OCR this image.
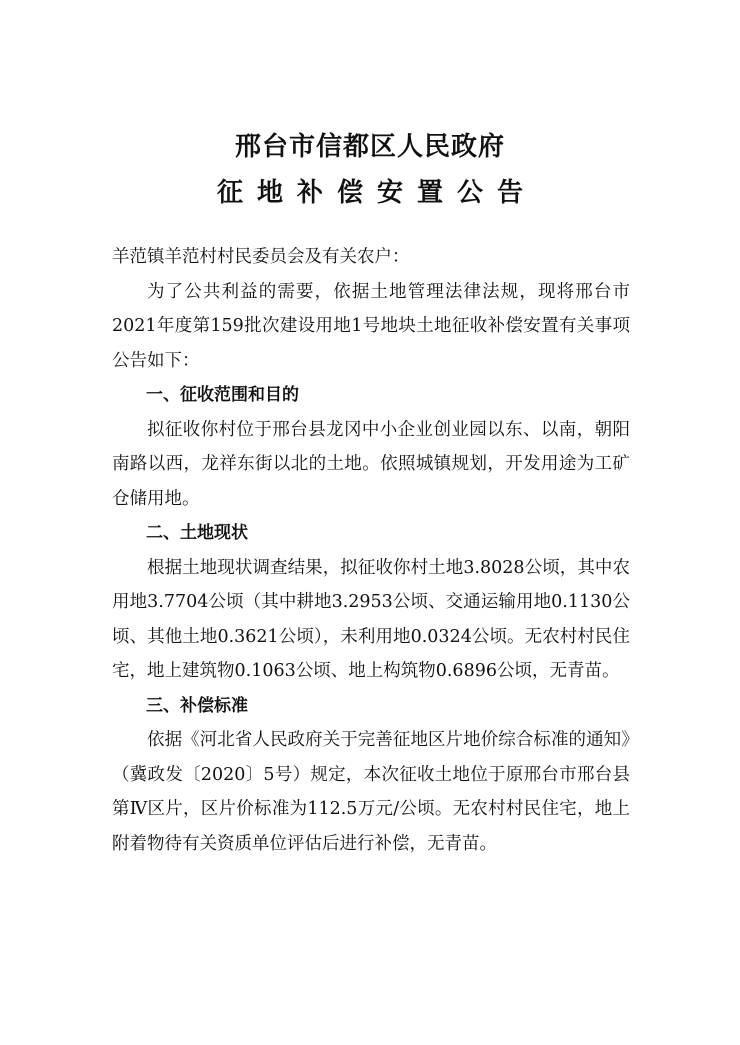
邢台市信都区人民政府
征地补偿安置公告

羊范镇羊范村村民委员会及有关农户：

为了公共利益的需要，依据土地管理法律法规，现将邢台市2021年度第159批次建设用地1号地块土地征收补偿安置有关事项公告如下：

一、征收范围和目的

拟征收你村位于邢台县龙冈中小企业创业园以东、以南，朝阳南路以西，龙祥东街以北的土地。依照城镇规划，开发用途为工矿仓储用地。

二、土地现状

根据土地现状调查结果，拟征收你村土地3.8028公顷，其中农用地3.7704公顷（其中耕地3.2953公顷、交通运输用地0.1130公顷、其他土地0.3621公顷），未利用地0.0324公顷。无农村村民住宅，地上建筑物0.1063公顷、地上构筑物0.6896公顷，无青苗。

三、补偿标准

依据《河北省人民政府关于完善征地区片地价综合标准的通知》（冀政发〔2020〕5号）规定，本次征收土地位于原邢台市邢台县第Ⅳ区片，区片价标准为112.5万元/公顷。无农村村民住宅，地上附着物待有关资质单位评估后进行补偿，无青苗。
